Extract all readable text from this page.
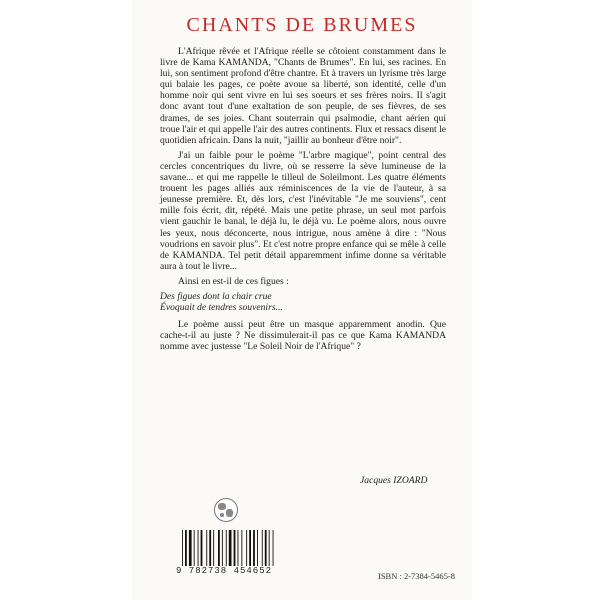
CHANTS DE BRUMES

L'Afrique rêvée et l'Afrique réelle se côtoient constamment dans le livre de Kama KAMANDA, "Chants de Brumes". En lui, ses racines. En lui, son sentiment profond d'être chantre. Et à travers un lyrisme très large qui balaie les pages, ce poète avoue sa liberté, son identité, celle d'un homme noir qui sent vivre en lui ses soeurs et ses frères noirs. Il s'agit donc avant tout d'une exaltation de son peuple, de ses fièvres, de ses drames, de ses joies. Chant souterrain qui psalmodie, chant aérien qui troue l'air et qui appelle l'air des autres continents. Flux et ressacs disent le quotidien africain. Dans la nuit, "jaillir au bonheur d'être noir".

J'ai un faible pour le poème "L'arbre magique", point central des cercles concentriques du livre, où se resserre la sève lumineuse de la savane... et qui me rappelle le tilleul de Soleilmont. Les quatre éléments trouent les pages alliés aux réminiscences de la vie de l'auteur, à sa jeunesse première. Et, dès lors, c'est l'inévitable "Je me souviens", cent mille fois écrit, dit, répété. Mais une petite phrase, un seul mot parfois vient gauchir le banal, le déjà lu, le déjà vu. Le poème alors, nous ouvre les yeux, nous déconcerte, nous intrigue, nous amène à dire : "Nous voudrions en savoir plus". Et c'est notre propre enfance qui se mêle à celle de KAMANDA. Tel petit détail apparemment infime donne sa véritable aura à tout le livre...

Ainsi en est-il de ces figues :

Des figues dont la chair crue
Évoquait de tendres souvenirs...

Le poème aussi peut être un masque apparemment anodin. Que cache-t-il au juste ? Ne dissimulerait-il pas ce que Kama KAMANDA nomme avec justesse "Le Soleil Noir de l'Afrique" ?

Jacques IZOARD
9 782738 454652	ISBN : 2-7384-5465-8
